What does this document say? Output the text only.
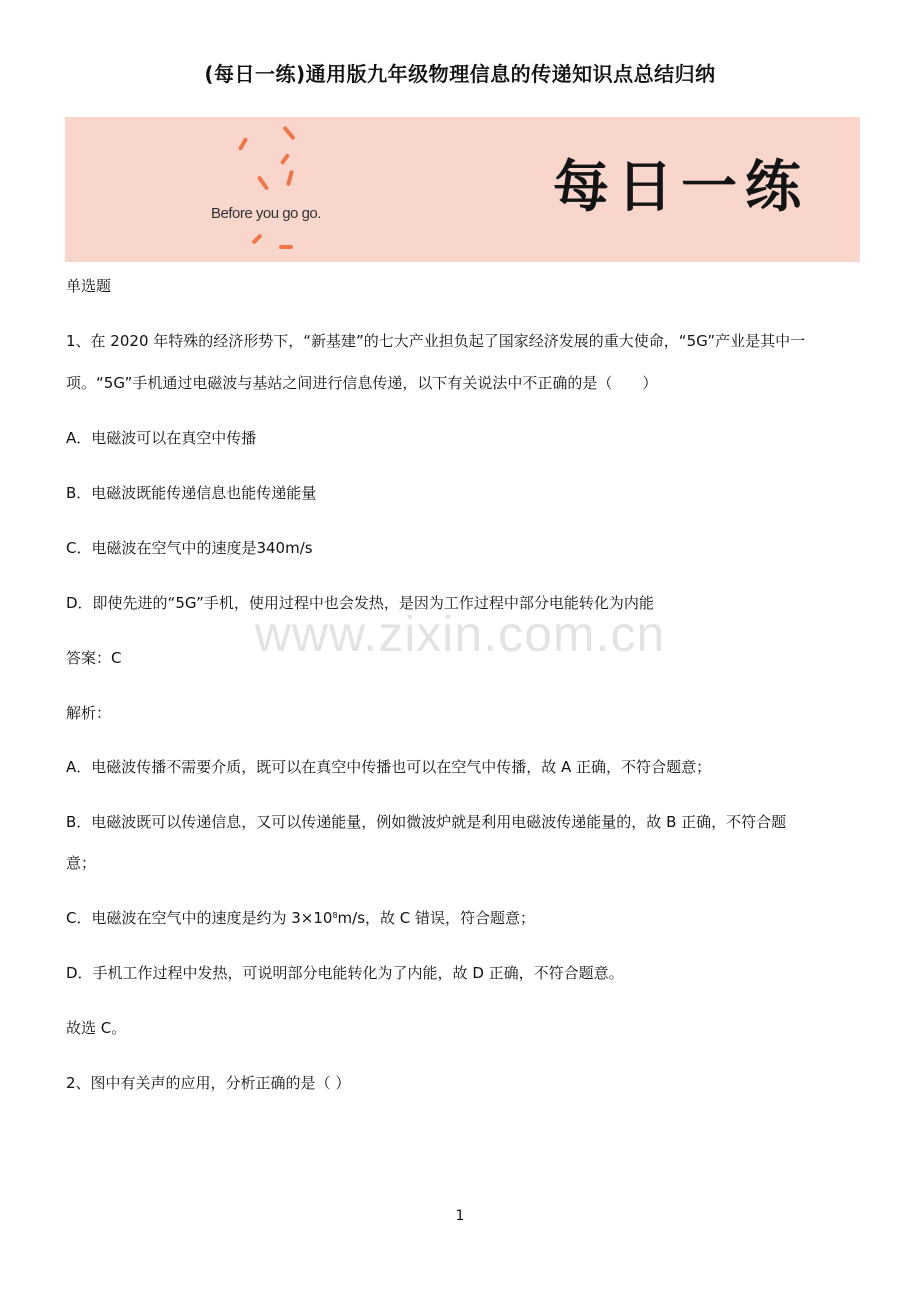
(每日一练)通用版九年级物理信息的传递知识点总结归纳
Before you go go.	每日一练
单选题
1、在 2020 年特殊的经济形势下，“新基建”的七大产业担负起了国家经济发展的重大使命，“5G”产业是其中一
项。“5G”手机通过电磁波与基站之间进行信息传递，以下有关说法中不正确的是（　　）
A．电磁波可以在真空中传播
B．电磁波既能传递信息也能传递能量
C．电磁波在空气中的速度是340m/s
D．即使先进的“5G”手机，使用过程中也会发热，是因为工作过程中部分电能转化为内能
答案：C
解析：
A．电磁波传播不需要介质，既可以在真空中传播也可以在空气中传播，故 A 正确，不符合题意；
B．电磁波既可以传递信息，又可以传递能量，例如微波炉就是利用电磁波传递能量的，故 B 正确，不符合题
意；
C．电磁波在空气中的速度是约为 $3\times 10^8m/s$，故 C 错误，符合题意；
D．手机工作过程中发热，可说明部分电能转化为了内能，故 D 正确，不符合题意。
故选 C。
2、图中有关声的应用，分析正确的是（ ）
www.zixin.com.cn
1
